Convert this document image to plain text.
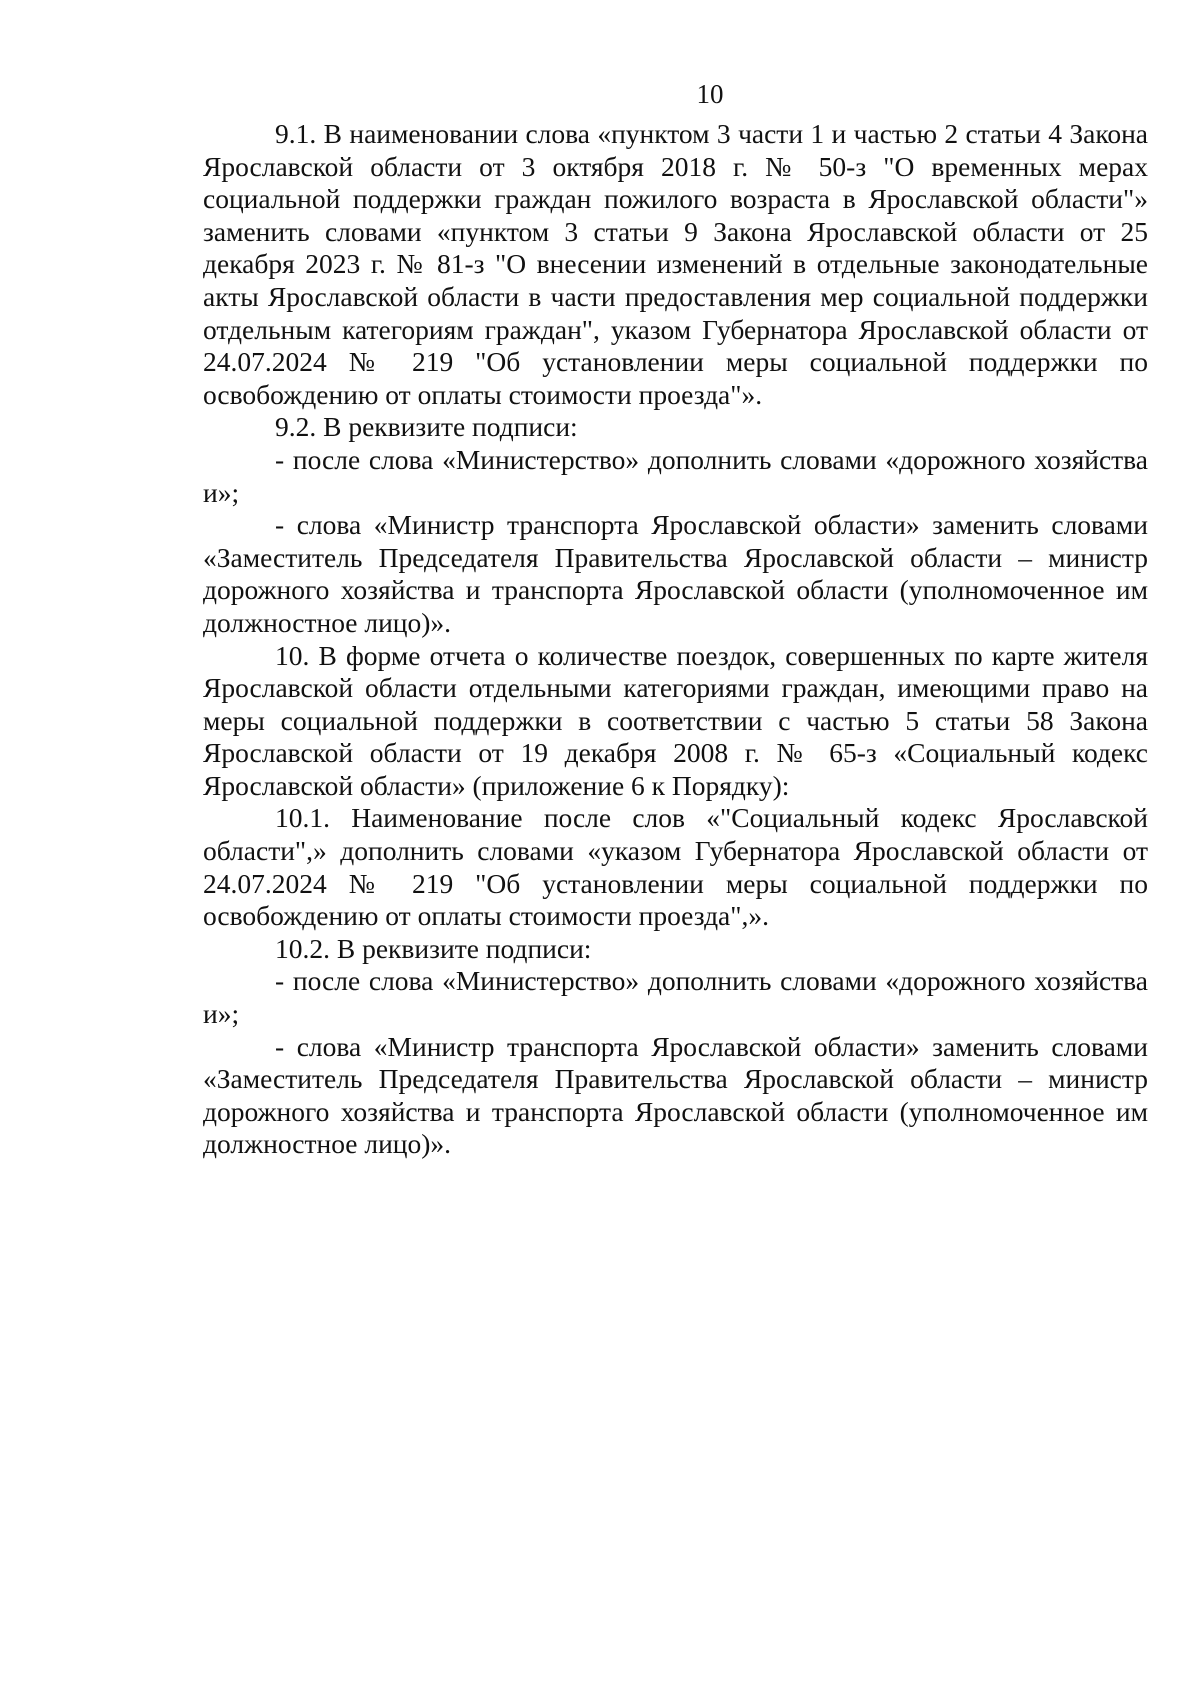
10

9.1. В наименовании слова «пунктом 3 части 1 и частью 2 статьи 4 Закона Ярославской области от 3 октября 2018 г. № 50-з "О временных мерах социальной поддержки граждан пожилого возраста в Ярославской области"» заменить словами «пунктом 3 статьи 9 Закона Ярославской области от 25 декабря 2023 г. № 81-з "О внесении изменений в отдельные законодательные акты Ярославской области в части предоставления мер социальной поддержки отдельным категориям граждан", указом Губернатора Ярославской области от 24.07.2024 № 219 "Об установлении меры социальной поддержки по освобождению от оплаты стоимости проезда"».

9.2. В реквизите подписи:

- после слова «Министерство» дополнить словами «дорожного хозяйства и»;

- слова «Министр транспорта Ярославской области» заменить словами «Заместитель Председателя Правительства Ярославской области – министр дорожного хозяйства и транспорта Ярославской области (уполномоченное им должностное лицо)».

10. В форме отчета о количестве поездок, совершенных по карте жителя Ярославской области отдельными категориями граждан, имеющими право на меры социальной поддержки в соответствии с частью 5 статьи 58 Закона Ярославской области от 19 декабря 2008 г. № 65-з «Социальный кодекс Ярославской области» (приложение 6 к Порядку):

10.1. Наименование после слов «"Социальный кодекс Ярославской области",» дополнить словами «указом Губернатора Ярославской области от 24.07.2024 № 219 "Об установлении меры социальной поддержки по освобождению от оплаты стоимости проезда",».

10.2. В реквизите подписи:

- после слова «Министерство» дополнить словами «дорожного хозяйства и»;

- слова «Министр транспорта Ярославской области» заменить словами «Заместитель Председателя Правительства Ярославской области – министр дорожного хозяйства и транспорта Ярославской области (уполномоченное им должностное лицо)».
